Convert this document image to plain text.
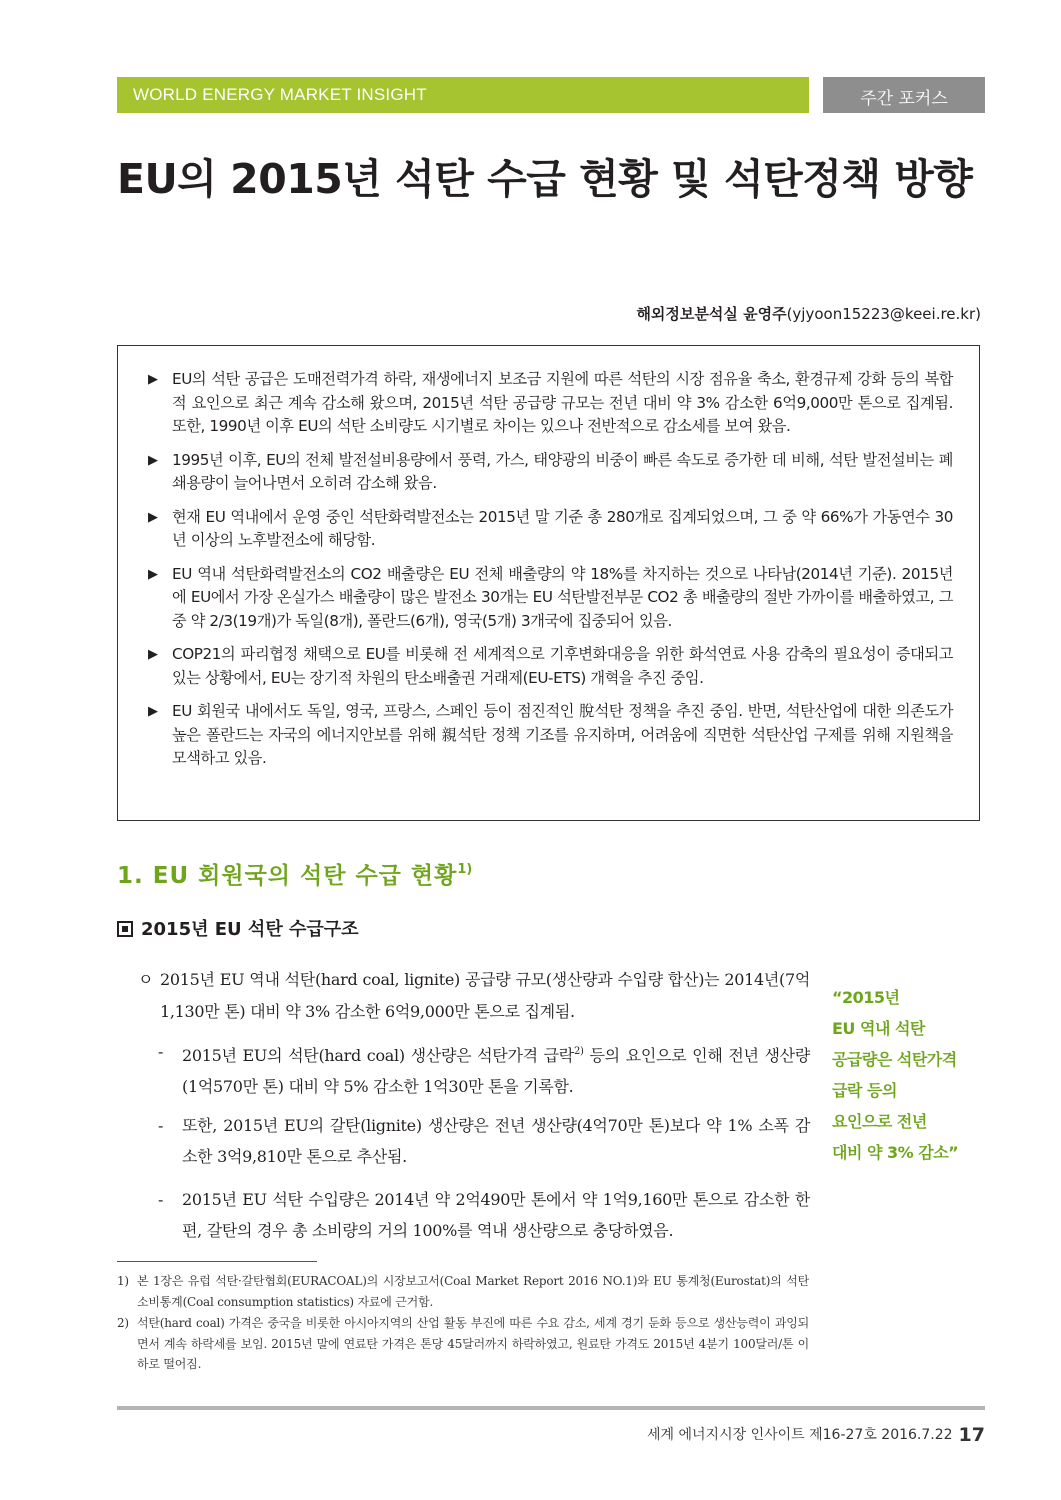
WORLD ENERGY MARKET INSIGHT	주간 포커스
EU의 2015년 석탄 수급 현황 및 석탄정책 방향
해외정보분석실 윤영주(yjyoon15223@keei.re.kr)
▶ EU의 석탄 공급은 도매전력가격 하락, 재생에너지 보조금 지원에 따른 석탄의 시장 점유율 축소, 환경규제 강화 등의 복합적 요인으로 최근 계속 감소해 왔으며, 2015년 석탄 공급량 규모는 전년 대비 약 3% 감소한 6억9,000만 톤으로 집계됨. 또한, 1990년 이후 EU의 석탄 소비량도 시기별로 차이는 있으나 전반적으로 감소세를 보여 왔음.
▶ 1995년 이후, EU의 전체 발전설비용량에서 풍력, 가스, 태양광의 비중이 빠른 속도로 증가한 데 비해, 석탄 발전설비는 폐쇄용량이 늘어나면서 오히려 감소해 왔음.
▶ 현재 EU 역내에서 운영 중인 석탄화력발전소는 2015년 말 기준 총 280개로 집계되었으며, 그 중 약 66%가 가동연수 30년 이상의 노후발전소에 해당함.
▶ EU 역내 석탄화력발전소의 CO2 배출량은 EU 전체 배출량의 약 18%를 차지하는 것으로 나타남(2014년 기준). 2015년에 EU에서 가장 온실가스 배출량이 많은 발전소 30개는 EU 석탄발전부문 CO2 총 배출량의 절반 가까이를 배출하였고, 그 중 약 2/3(19개)가 독일(8개), 폴란드(6개), 영국(5개) 3개국에 집중되어 있음.
▶ COP21의 파리협정 채택으로 EU를 비롯해 전 세계적으로 기후변화대응을 위한 화석연료 사용 감축의 필요성이 증대되고 있는 상황에서, EU는 장기적 차원의 탄소배출권 거래제(EU-ETS) 개혁을 추진 중임.
▶ EU 회원국 내에서도 독일, 영국, 프랑스, 스페인 등이 점진적인 脫석탄 정책을 추진 중임. 반면, 석탄산업에 대한 의존도가 높은 폴란드는 자국의 에너지안보를 위해 親석탄 정책 기조를 유지하며, 어려움에 직면한 석탄산업 구제를 위해 지원책을 모색하고 있음.
1. EU 회원국의 석탄 수급 현황$^{1)}$
2015년 EU 석탄 수급구조
ㅇ 2015년 EU 역내 석탄(hard coal, lignite) 공급량 규모(생산량과 수입량 합산)는 2014년(7억1,130만 톤) 대비 약 3% 감소한 6억9,000만 톤으로 집계됨.
- 2015년 EU의 석탄(hard coal) 생산량은 석탄가격 급락$^{2)}$ 등의 요인으로 인해 전년 생산량(1억570만 톤) 대비 약 5% 감소한 1억30만 톤을 기록함.
- 또한, 2015년 EU의 갈탄(lignite) 생산량은 전년 생산량(4억70만 톤)보다 약 1% 소폭 감소한 3억9,810만 톤으로 추산됨.
- 2015년 EU 석탄 수입량은 2014년 약 2억490만 톤에서 약 1억9,160만 톤으로 감소한 한편, 갈탄의 경우 총 소비량의 거의 100%를 역내 생산량으로 충당하였음.
“2015년
EU 역내 석탄
공급량은 석탄가격
급락 등의
요인으로 전년
대비 약 3% 감소”
1) 본 1장은 유럽 석탄·갈탄협회(EURACOAL)의 시장보고서(Coal Market Report 2016 NO.1)와 EU 통계청(Eurostat)의 석탄소비통계(Coal consumption statistics) 자료에 근거함.
2) 석탄(hard coal) 가격은 중국을 비롯한 아시아지역의 산업 활동 부진에 따른 수요 감소, 세계 경기 둔화 등으로 생산능력이 과잉되면서 계속 하락세를 보임. 2015년 말에 연료탄 가격은 톤당 45달러까지 하락하였고, 원료탄 가격도 2015년 4분기 100달러/톤 이하로 떨어짐.
세계 에너지시장 인사이트 제16-27호 2016.7.22 17
